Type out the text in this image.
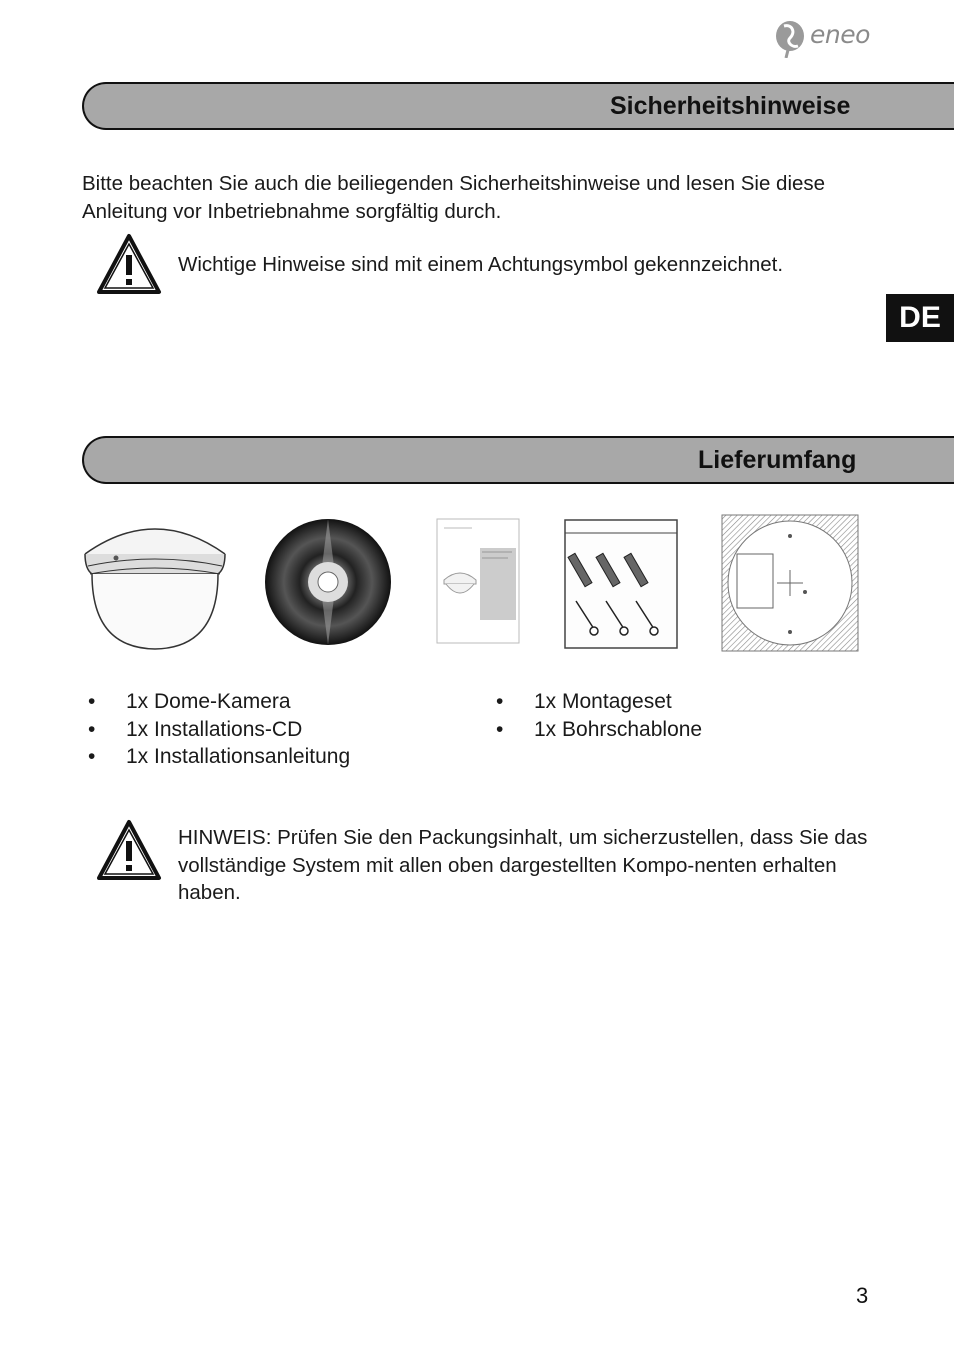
eneo
Sicherheitshinweise

Bitte beachten Sie auch die beiliegenden Sicherheitshinweise und lesen Sie diese Anleitung vor Inbetriebnahme sorgfältig durch.

Wichtige Hinweise sind mit einem Achtungsymbol gekennzeichnet.

DE
Lieferumfang
• 1x Dome-Kamera
• 1x Installations-CD
• 1x Installationsanleitung
• 1x Montageset
• 1x Bohrschablone

HINWEIS: Prüfen Sie den Packungsinhalt, um sicherzustellen, dass Sie das vollständige System mit allen oben dargestellten Kompo-nenten erhalten haben.

3
